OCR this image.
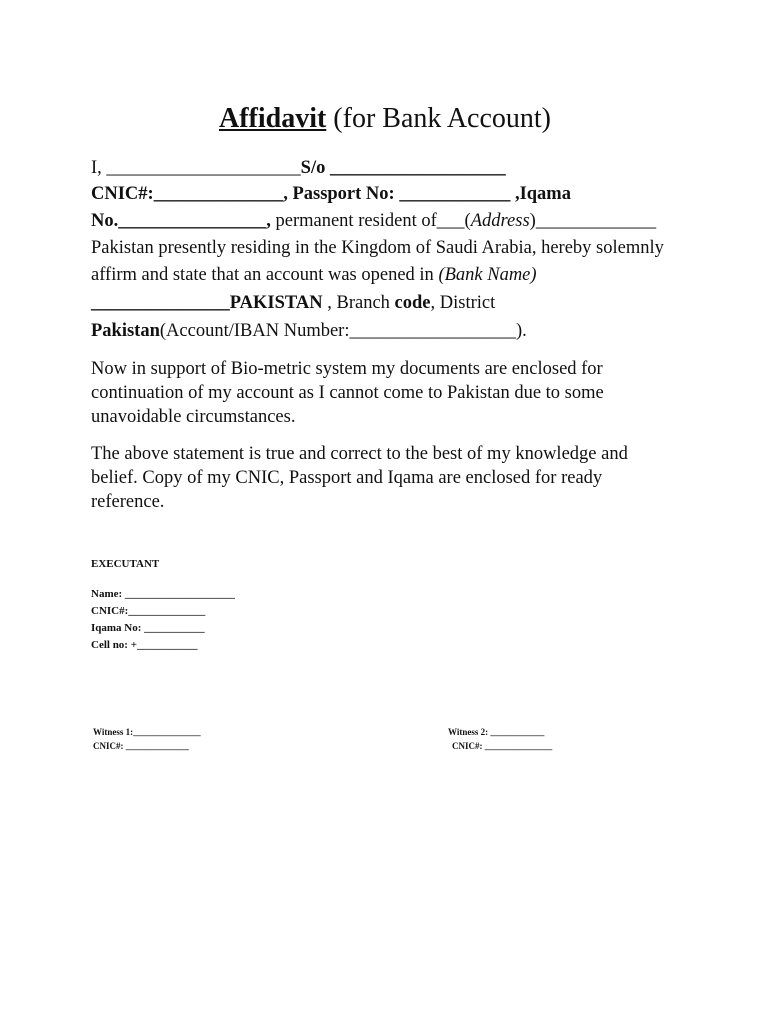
Affidavit (for Bank Account)
I, _____________________S/o ___________________
CNIC#:______________, Passport No: ____________ ,Iqama
No.________________, permanent resident of___(Address)_____________
Pakistan presently residing in the Kingdom of Saudi Arabia, hereby solemnly
affirm and state that an account was opened in (Bank Name)
_______________PAKISTAN , Branch code, District
Pakistan(Account/IBAN Number:__________________).
Now in support of Bio-metric system my documents are enclosed for
continuation of my account as I cannot come to Pakistan due to some
unavoidable circumstances.
The above statement is true and correct to the best of my knowledge and
belief. Copy of my CNIC, Passport and Iqama are enclosed for ready
reference.
EXECUTANT
Name: ____________________
CNIC#:______________
Iqama No: ___________
Cell no: +___________
Witness 1:_______________
CNIC#: ______________
Witness 2: ____________
CNIC#: _______________
